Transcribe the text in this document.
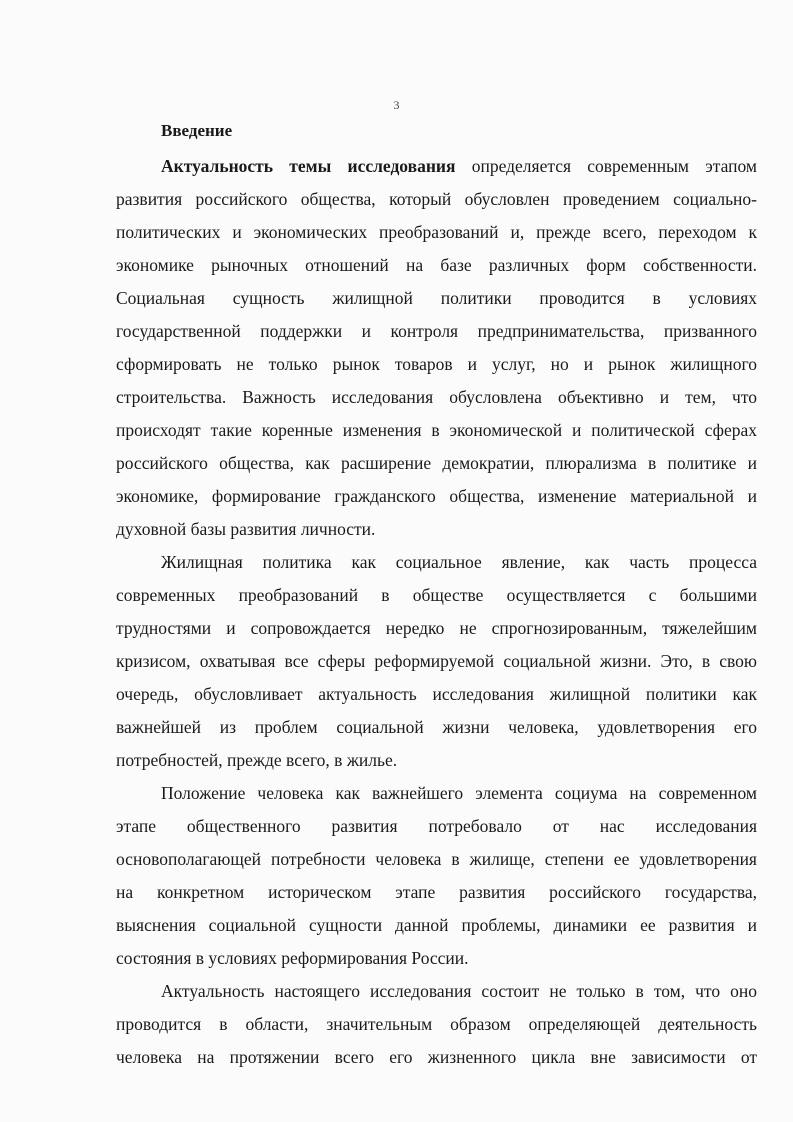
3
Введение
Актуальность темы исследования определяется современным этапом
развития российского общества, который обусловлен проведением социально-
политических и экономических преобразований и, прежде всего, переходом к
экономике рыночных отношений на базе различных форм собственности.
Социальная сущность жилищной политики проводится в условиях
государственной поддержки и контроля предпринимательства, призванного
сформировать не только рынок товаров и услуг, но и рынок жилищного
строительства. Важность исследования обусловлена объективно и тем, что
происходят такие коренные изменения в экономической и политической сферах
российского общества, как расширение демократии, плюрализма в политике и
экономике, формирование гражданского общества, изменение материальной и
духовной базы развития личности.
Жилищная политика как социальное явление, как часть процесса
современных преобразований в обществе осуществляется с большими
трудностями и сопровождается нередко не спрогнозированным, тяжелейшим
кризисом, охватывая все сферы реформируемой социальной жизни. Это, в свою
очередь, обусловливает актуальность исследования жилищной политики как
важнейшей из проблем социальной жизни человека, удовлетворения его
потребностей, прежде всего, в жилье.
Положение человека как важнейшего элемента социума на современном
этапе общественного развития потребовало от нас исследования
основополагающей потребности человека в жилище, степени ее удовлетворения
на конкретном историческом этапе развития российского государства,
выяснения социальной сущности данной проблемы, динамики ее развития и
состояния в условиях реформирования России.
Актуальность настоящего исследования состоит не только в том, что оно
проводится в области, значительным образом определяющей деятельность
человека на протяжении всего его жизненного цикла вне зависимости от
